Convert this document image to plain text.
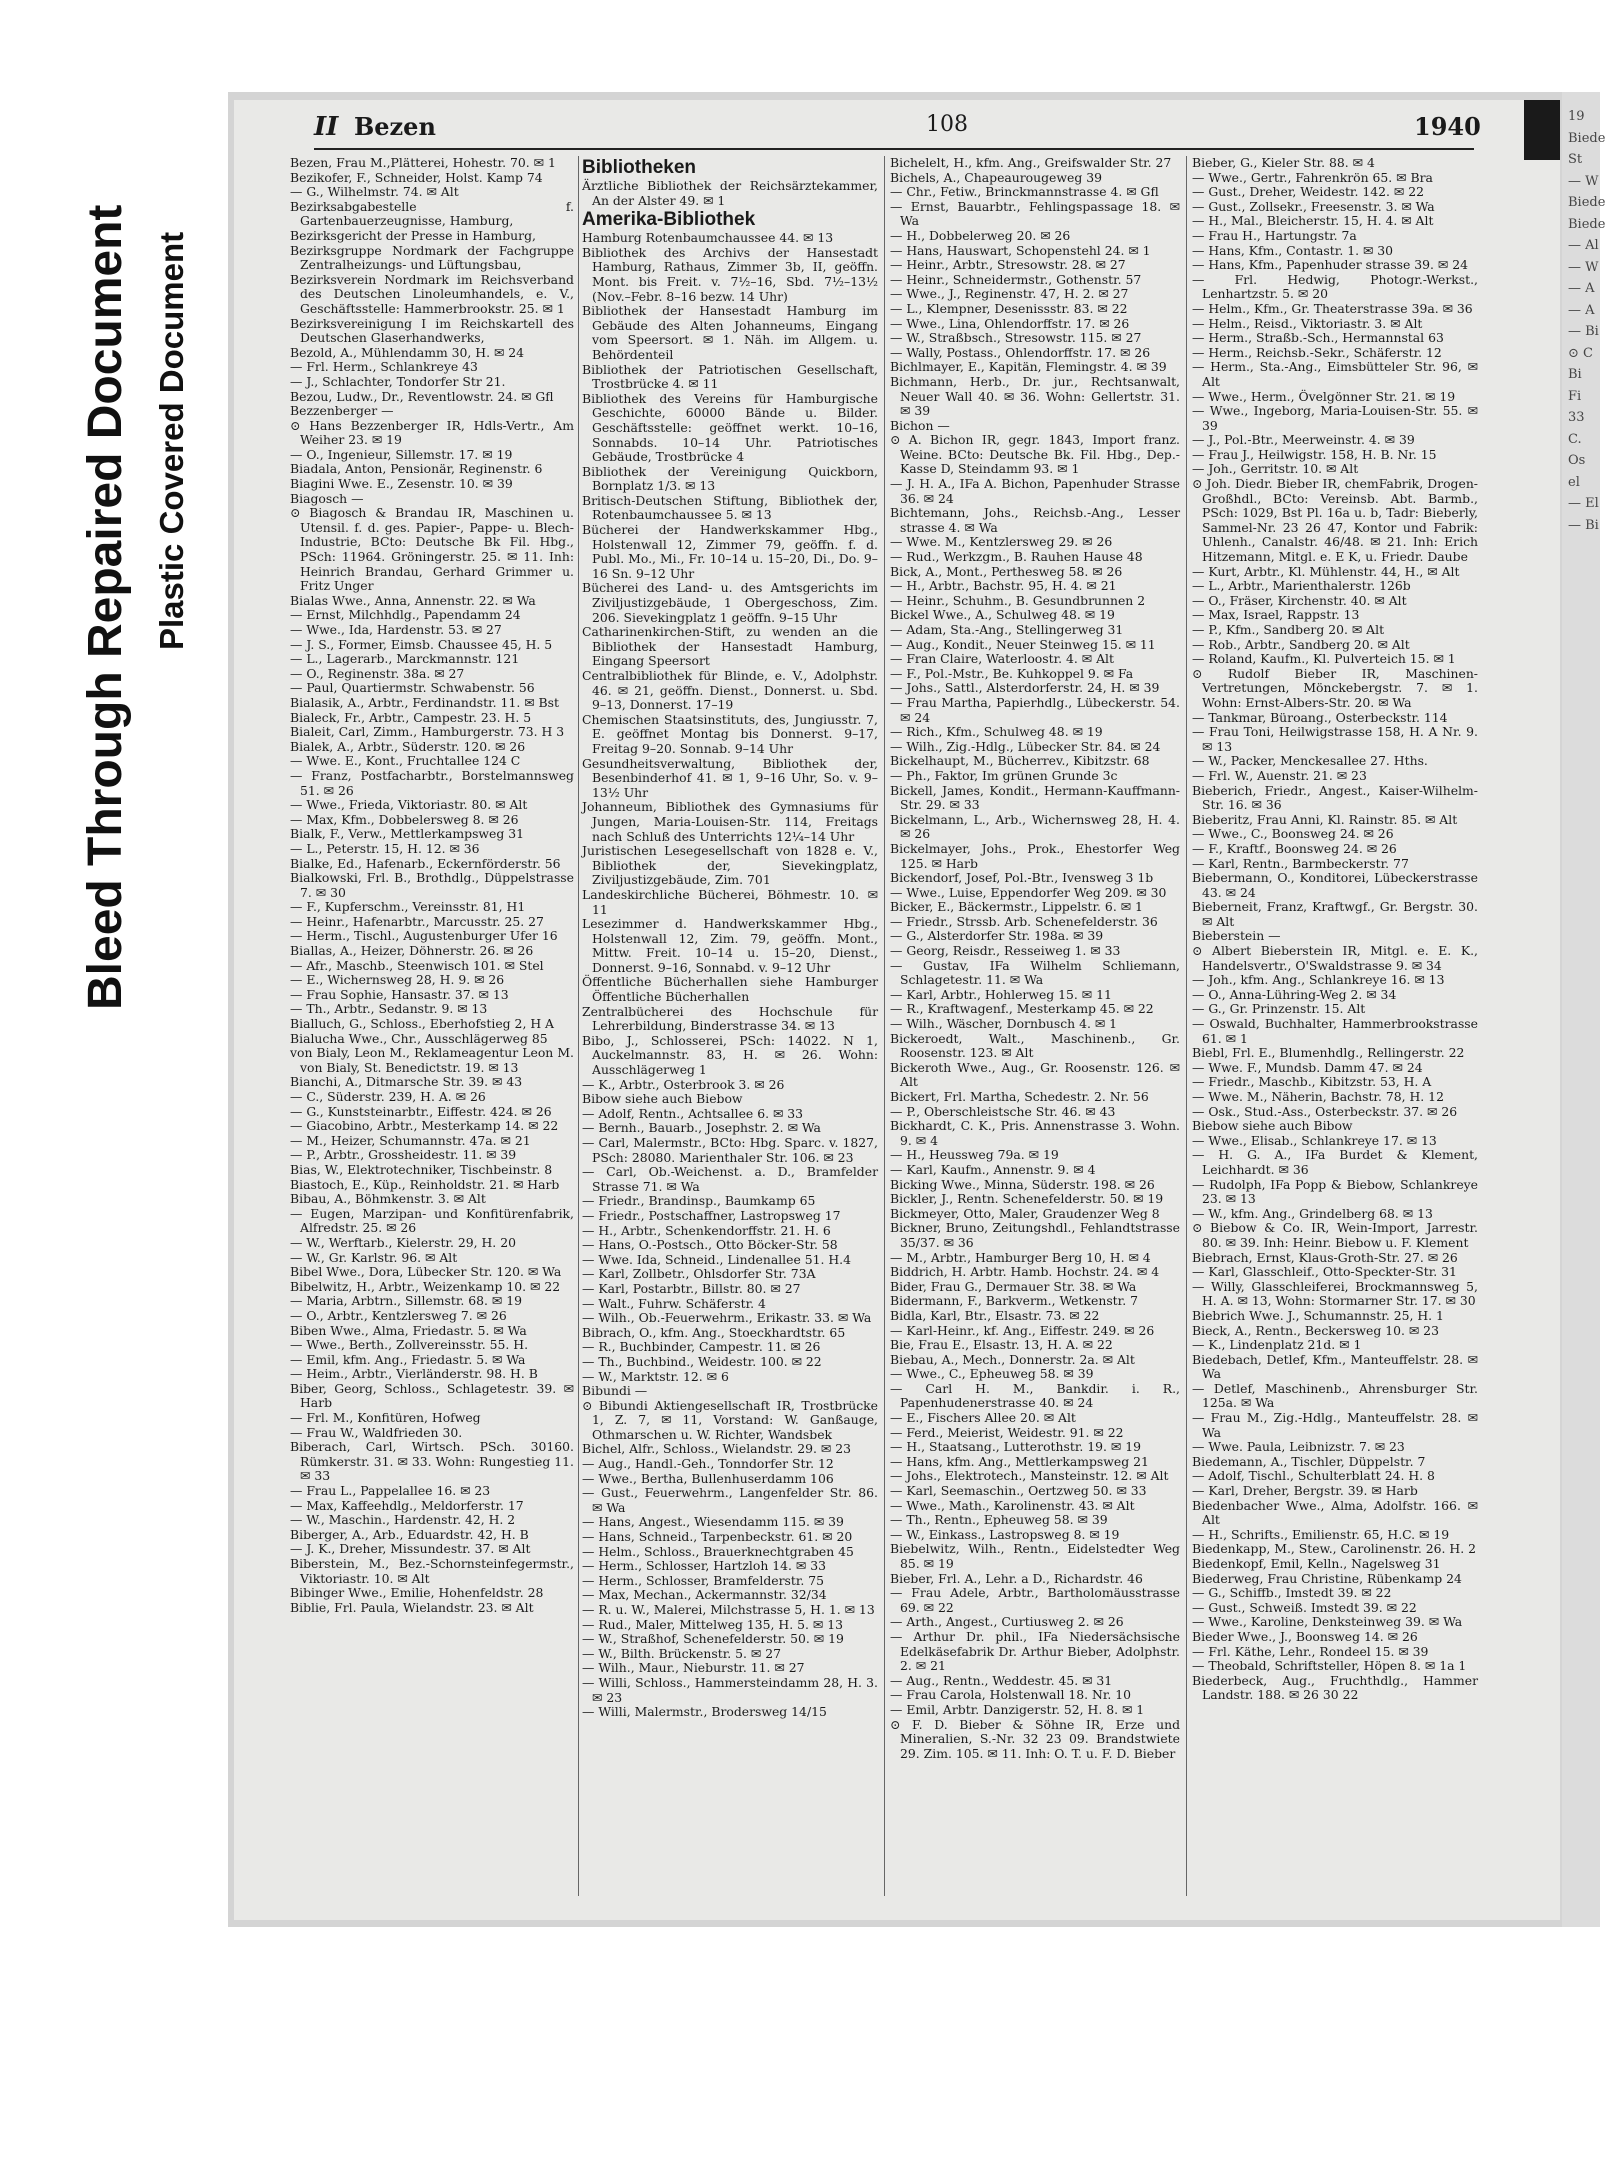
Bleed Through Repaired Document Plastic Covered Document
II Bezen	108	1940

Bezen, Frau M.,Plätterei, Hohestr. 70. ✉ 1

Bezikofer, F., Schneider, Holst. Kamp 74

— G., Wilhelmstr. 74. ✉ Alt

Bezirksabgabestelle f. Gartenbauerzeugnisse, Hamburg,

Bezirksgericht der Presse in Hamburg,

Bezirksgruppe Nordmark der Fachgruppe Zentralheizungs- und Lüftungsbau,

Bezirksverein Nordmark im Reichsverband des Deutschen Linoleumhandels, e. V., Geschäftsstelle: Hammerbrookstr. 25. ✉ 1

Bezirksvereinigung I im Reichskartell des Deutschen Glaserhandwerks,

Bezold, A., Mühlendamm 30, H. ✉ 24

— Frl. Herm., Schlankreye 43

— J., Schlachter, Tondorfer Str 21.

Bezou, Ludw., Dr., Reventlowstr. 24. ✉ Gfl

Bezzenberger —

⊙ Hans Bezzenberger IR, Hdls-Vertr., Am Weiher 23. ✉ 19

— O., Ingenieur, Sillemstr. 17. ✉ 19

Biadala, Anton, Pensionär, Reginenstr. 6

Biagini Wwe. E., Zesenstr. 10. ✉ 39

Biagosch —

⊙ Biagosch & Brandau IR, Maschinen u. Utensil. f. d. ges. Papier-, Pappe- u. Blech-Industrie, BCto: Deutsche Bk Fil. Hbg., PSch: 11964. Gröningerstr. 25. ✉ 11. Inh: Heinrich Brandau, Gerhard Grimmer u. Fritz Unger

Bialas Wwe., Anna, Annenstr. 22. ✉ Wa

— Ernst, Milchhdlg., Papendamm 24

— Wwe., Ida, Hardenstr. 53. ✉ 27

— J. S., Former, Eimsb. Chaussee 45, H. 5

— L., Lagerarb., Marckmannstr. 121

— O., Reginenstr. 38a. ✉ 27

— Paul, Quartiermstr. Schwabenstr. 56

Bialasik, A., Arbtr., Ferdinandstr. 11. ✉ Bst

Bialeck, Fr., Arbtr., Campestr. 23. H. 5

Bialeit, Carl, Zimm., Hamburgerstr. 73. H 3

Bialek, A., Arbtr., Süderstr. 120. ✉ 26

— Wwe. E., Kont., Fruchtallee 124 C

— Franz, Postfacharbtr., Borstelmannsweg 51. ✉ 26

— Wwe., Frieda, Viktoriastr. 80. ✉ Alt

— Max, Kfm., Dobbelersweg 8. ✉ 26

Bialk, F., Verw., Mettlerkampsweg 31

— L., Peterstr. 15, H. 12. ✉ 36

Bialke, Ed., Hafenarb., Eckernförderstr. 56

Bialkowski, Frl. B., Brothdlg., Düppelstrasse 7. ✉ 30

— F., Kupferschm., Vereinsstr. 81, H1

— Heinr., Hafenarbtr., Marcusstr. 25. 27

— Herm., Tischl., Augustenburger Ufer 16

Biallas, A., Heizer, Döhnerstr. 26. ✉ 26

— Afr., Maschb., Steenwisch 101. ✉ Stel

— E., Wichernsweg 28, H. 9. ✉ 26

— Frau Sophie, Hansastr. 37. ✉ 13

— Th., Arbtr., Sedanstr. 9. ✉ 13

Bialluch, G., Schloss., Eberhofstieg 2, H A

Bialucha Wwe., Chr., Ausschlägerweg 85

von Bialy, Leon M., Reklameagentur Leon M. von Bialy, St. Benedictstr. 19. ✉ 13

Bianchi, A., Ditmarsche Str. 39. ✉ 43

— C., Süderstr. 239, H. A. ✉ 26

— G., Kunststeinarbtr., Eiffestr. 424. ✉ 26

— Giacobino, Arbtr., Mesterkamp 14. ✉ 22

— M., Heizer, Schumannstr. 47a. ✉ 21

— P., Arbtr., Grossheidestr. 11. ✉ 39

Bias, W., Elektrotechniker, Tischbeinstr. 8

Biastoch, E., Küp., Reinholdstr. 21. ✉ Harb

Bibau, A., Böhmkenstr. 3. ✉ Alt

— Eugen, Marzipan- und Konfitürenfabrik, Alfredstr. 25. ✉ 26

— W., Werftarb., Kielerstr. 29, H. 20

— W., Gr. Karlstr. 96. ✉ Alt

Bibel Wwe., Dora, Lübecker Str. 120. ✉ Wa

Bibelwitz, H., Arbtr., Weizenkamp 10. ✉ 22

— Maria, Arbtrn., Sillemstr. 68. ✉ 19

— O., Arbtr., Kentzlersweg 7. ✉ 26

Biben Wwe., Alma, Friedastr. 5. ✉ Wa

— Wwe., Berth., Zollvereinsstr. 55. H.

— Emil, kfm. Ang., Friedastr. 5. ✉ Wa

— Heim., Arbtr., Vierländerstr. 98. H. B

Biber, Georg, Schloss., Schlagetestr. 39. ✉ Harb

— Frl. M., Konfitüren, Hofweg

— Frau W., Waldfrieden 30.

Biberach, Carl, Wirtsch. PSch. 30160. Rümkerstr. 31. ✉ 33. Wohn: Rungestieg 11. ✉ 33

— Frau L., Pappelallee 16. ✉ 23

— Max, Kaffeehdlg., Meldorferstr. 17

— W., Maschin., Hardenstr. 42, H. 2

Biberger, A., Arb., Eduardstr. 42, H. B

— J. K., Dreher, Missundestr. 37. ✉ Alt

Biberstein, M., Bez.-Schornsteinfegermstr., Viktoriastr. 10. ✉ Alt

Bibinger Wwe., Emilie, Hohenfeldstr. 28

Biblie, Frl. Paula, Wielandstr. 23. ✉ Alt

Bibliotheken

Ärztliche Bibliothek der Reichsärztekammer, An der Alster 49. ✉ 1

Amerika-Bibliothek

Hamburg Rotenbaumchaussee 44. ✉ 13

Bibliothek des Archivs der Hansestadt Hamburg, Rathaus, Zimmer 3b, II, geöffn. Mont. bis Freit. v. 7½–16, Sbd. 7½–13½ (Nov.–Febr. 8–16 bezw. 14 Uhr)

Bibliothek der Hansestadt Hamburg im Gebäude des Alten Johanneums, Eingang vom Speersort. ✉ 1. Näh. im Allgem. u. Behördenteil

Bibliothek der Patriotischen Gesellschaft, Trostbrücke 4. ✉ 11

Bibliothek des Vereins für Hamburgische Geschichte, 60000 Bände u. Bilder. Geschäftsstelle: geöffnet werkt. 10–16, Sonnabds. 10–14 Uhr. Patriotisches Gebäude, Trostbrücke 4

Bibliothek der Vereinigung Quickborn, Bornplatz 1/3. ✉ 13

Britisch-Deutschen Stiftung, Bibliothek der, Rotenbaumchaussee 5. ✉ 13

Bücherei der Handwerkskammer Hbg., Holstenwall 12, Zimmer 79, geöffn. f. d. Publ. Mo., Mi., Fr. 10–14 u. 15–20, Di., Do. 9–16 Sn. 9–12 Uhr

Bücherei des Land- u. des Amtsgerichts im Ziviljustizgebäude, 1 Obergeschoss, Zim. 206. Sievekingplatz 1 geöffn. 9–15 Uhr

Catharinenkirchen-Stift, zu wenden an die Bibliothek der Hansestadt Hamburg, Eingang Speersort

Centralbibliothek für Blinde, e. V., Adolphstr. 46. ✉ 21, geöffn. Dienst., Donnerst. u. Sbd. 9–13, Donnerst. 17–19

Chemischen Staatsinstituts, des, Jungiusstr. 7, E. geöffnet Montag bis Donnerst. 9–17, Freitag 9–20. Sonnab. 9–14 Uhr

Gesundheitsverwaltung, Bibliothek der, Besenbinderhof 41. ✉ 1, 9–16 Uhr, So. v. 9–13½ Uhr

Johanneum, Bibliothek des Gymnasiums für Jungen, Maria-Louisen-Str. 114, Freitags nach Schluß des Unterrichts 12¼–14 Uhr

Juristischen Lesegesellschaft von 1828 e. V., Bibliothek der, Sievekingplatz, Ziviljustizgebäude, Zim. 701

Landeskirchliche Bücherei, Böhmestr. 10. ✉ 11

Lesezimmer d. Handwerkskammer Hbg., Holstenwall 12, Zim. 79, geöffn. Mont., Mittw. Freit. 10–14 u. 15–20, Dienst., Donnerst. 9–16, Sonnabd. v. 9–12 Uhr

Öffentliche Bücherhallen siehe Hamburger Öffentliche Bücherhallen

Zentralbücherei des Hochschule für Lehrerbildung, Binderstrasse 34. ✉ 13

Bibo, J., Schlosserei, PSch: 14022. N 1, Auckelmannstr. 83, H. ✉ 26. Wohn: Ausschlägerweg 1

— K., Arbtr., Osterbrook 3. ✉ 26

Bibow siehe auch Biebow

— Adolf, Rentn., Achtsallee 6. ✉ 33

— Bernh., Bauarb., Josephstr. 2. ✉ Wa

— Carl, Malermstr., BCto: Hbg. Sparc. v. 1827, PSch: 28080. Marienthaler Str. 106. ✉ 23

— Carl, Ob.-Weichenst. a. D., Bramfelder Strasse 71. ✉ Wa

— Friedr., Brandinsp., Baumkamp 65

— Friedr., Postschaffner, Lastropsweg 17

— H., Arbtr., Schenkendorffstr. 21. H. 6

— Hans, O.-Postsch., Otto Böcker-Str. 58

— Wwe. Ida, Schneid., Lindenallee 51. H.4

— Karl, Zollbetr., Ohlsdorfer Str. 73A

— Karl, Postarbtr., Billstr. 80. ✉ 27

— Walt., Fuhrw. Schäferstr. 4

— Wilh., Ob.-Feuerwehrm., Erikastr. 33. ✉ Wa

Bibrach, O., kfm. Ang., Stoeckhardtstr. 65

— R., Buchbinder, Campestr. 11. ✉ 26

— Th., Buchbind., Weidestr. 100. ✉ 22

— W., Marktstr. 12. ✉ 6

Bibundi —

⊙ Bibundi Aktiengesellschaft IR, Trostbrücke 1, Z. 7, ✉ 11, Vorstand: W. Ganßauge, Othmarschen u. W. Richter, Wandsbek

Bichel, Alfr., Schloss., Wielandstr. 29. ✉ 23

— Aug., Handl.-Geh., Tonndorfer Str. 12

— Wwe., Bertha, Bullenhuserdamm 106

— Gust., Feuerwehrm., Langenfelder Str. 86. ✉ Wa

— Hans, Angest., Wiesendamm 115. ✉ 39

— Hans, Schneid., Tarpenbeckstr. 61. ✉ 20

— Helm., Schloss., Brauerknechtgraben 45

— Herm., Schlosser, Hartzloh 14. ✉ 33

— Herm., Schlosser, Bramfelderstr. 75

— Max, Mechan., Ackermannstr. 32/34

— R. u. W., Malerei, Milchstrasse 5, H. 1. ✉ 13

— Rud., Maler, Mittelweg 135, H. 5. ✉ 13

— W., Straßhof, Schenefelderstr. 50. ✉ 19

— W., Bilth. Brückenstr. 5. ✉ 27

— Wilh., Maur., Nieburstr. 11. ✉ 27

— Willi, Schloss., Hammersteindamm 28, H. 3. ✉ 23

— Willi, Malermstr., Brodersweg 14/15

Bichelelt, H., kfm. Ang., Greifswalder Str. 27

Bichels, A., Chapeaurougeweg 39

— Chr., Fetiw., Brinckmannstrasse 4. ✉ Gfl

— Ernst, Bauarbtr., Fehlingspassage 18. ✉ Wa

— H., Dobbelerweg 20. ✉ 26

— Hans, Hauswart, Schopenstehl 24. ✉ 1

— Heinr., Arbtr., Stresowstr. 28. ✉ 27

— Heinr., Schneidermstr., Gothenstr. 57

— Wwe., J., Reginenstr. 47, H. 2. ✉ 27

— L., Klempner, Desenissstr. 83. ✉ 22

— Wwe., Lina, Ohlendorffstr. 17. ✉ 26

— W., Straßbsch., Stresowstr. 115. ✉ 27

— Wally, Postass., Ohlendorffstr. 17. ✉ 26

Bichlmayer, E., Kapitän, Flemingstr. 4. ✉ 39

Bichmann, Herb., Dr. jur., Rechtsanwalt, Neuer Wall 40. ✉ 36. Wohn: Gellertstr. 31. ✉ 39

Bichon —

⊙ A. Bichon IR, gegr. 1843, Import franz. Weine. BCto: Deutsche Bk. Fil. Hbg., Dep.-Kasse D, Steindamm 93. ✉ 1

— J. H. A., IFa A. Bichon, Papenhuder Strasse 36. ✉ 24

Bichtemann, Johs., Reichsb.-Ang., Lesser strasse 4. ✉ Wa

— Wwe. M., Kentzlersweg 29. ✉ 26

— Rud., Werkzgm., B. Rauhen Hause 48

Bick, A., Mont., Perthesweg 58. ✉ 26

— H., Arbtr., Bachstr. 95, H. 4. ✉ 21

— Heinr., Schuhm., B. Gesundbrunnen 2

Bickel Wwe., A., Schulweg 48. ✉ 19

— Adam, Sta.-Ang., Stellingerweg 31

— Aug., Kondit., Neuer Steinweg 15. ✉ 11

— Fran Claire, Waterloostr. 4. ✉ Alt

— F., Pol.-Mstr., Be. Kuhkoppel 9. ✉ Fa

— Johs., Sattl., Alsterdorferstr. 24, H. ✉ 39

— Frau Martha, Papierhdlg., Lübeckerstr. 54. ✉ 24

— Rich., Kfm., Schulweg 48. ✉ 19

— Wilh., Zig.-Hdlg., Lübecker Str. 84. ✉ 24

Bickelhaupt, M., Bücherrev., Kibitzstr. 68

— Ph., Faktor, Im grünen Grunde 3c

Bickell, James, Kondit., Hermann-Kauffmann-Str. 29. ✉ 33

Bickelmann, L., Arb., Wichernsweg 28, H. 4. ✉ 26

Bickelmayer, Johs., Prok., Ehestorfer Weg 125. ✉ Harb

Bickendorf, Josef, Pol.-Btr., Ivensweg 3 1b

— Wwe., Luise, Eppendorfer Weg 209. ✉ 30

Bicker, E., Bäckermstr., Lippelstr. 6. ✉ 1

— Friedr., Strssb. Arb. Schenefelderstr. 36

— G., Alsterdorfer Str. 198a. ✉ 39

— Georg, Reisdr., Resseiweg 1. ✉ 33

— Gustav, IFa Wilhelm Schliemann, Schlagetestr. 11. ✉ Wa

— Karl, Arbtr., Hohlerweg 15. ✉ 11

— R., Kraftwagenf., Mesterkamp 45. ✉ 22

— Wilh., Wäscher, Dornbusch 4. ✉ 1

Bickeroedt, Walt., Maschinenb., Gr. Roosenstr. 123. ✉ Alt

Bickeroth Wwe., Aug., Gr. Roosenstr. 126. ✉ Alt

Bickert, Frl. Martha, Schedestr. 2. Nr. 56

— P., Oberschleistsche Str. 46. ✉ 43

Bickhardt, C. K., Pris. Annenstrasse 3. Wohn. 9. ✉ 4

— H., Heussweg 79a. ✉ 19

— Karl, Kaufm., Annenstr. 9. ✉ 4

Bicking Wwe., Minna, Süderstr. 198. ✉ 26

Bickler, J., Rentn. Schenefelderstr. 50. ✉ 19

Bickmeyer, Otto, Maler, Graudenzer Weg 8

Bickner, Bruno, Zeitungshdl., Fehlandtstrasse 35/37. ✉ 36

— M., Arbtr., Hamburger Berg 10, H. ✉ 4

Biddrich, H. Arbtr. Hamb. Hochstr. 24. ✉ 4

Bider, Frau G., Dermauer Str. 38. ✉ Wa

Bidermann, F., Barkverm., Wetkenstr. 7

Bidla, Karl, Btr., Elsastr. 73. ✉ 22

— Karl-Heinr., kf. Ang., Eiffestr. 249. ✉ 26

Bie, Frau E., Elsastr. 13, H. A. ✉ 22

Biebau, A., Mech., Donnerstr. 2a. ✉ Alt

— Wwe., C., Epheuweg 58. ✉ 39

— Carl H. M., Bankdir. i. R., Papenhudenerstrasse 40. ✉ 24

— E., Fischers Allee 20. ✉ Alt

— Ferd., Meierist, Weidestr. 91. ✉ 22

— H., Staatsang., Lutterothstr. 19. ✉ 19

— Hans, kfm. Ang., Mettlerkampsweg 21

— Johs., Elektrotech., Mansteinstr. 12. ✉ Alt

— Karl, Seemaschin., Oertzweg 50. ✉ 33

— Wwe., Math., Karolinenstr. 43. ✉ Alt

— Th., Rentn., Epheuweg 58. ✉ 39

— W., Einkass., Lastropsweg 8. ✉ 19

Biebelwitz, Wilh., Rentn., Eidelstedter Weg 85. ✉ 19

Bieber, Frl. A., Lehr. a D., Richardstr. 46

— Frau Adele, Arbtr., Bartholomäusstrasse 69. ✉ 22

— Arth., Angest., Curtiusweg 2. ✉ 26

— Arthur Dr. phil., IFa Niedersächsische Edelkäsefabrik Dr. Arthur Bieber, Adolphstr. 2. ✉ 21

— Aug., Rentn., Weddestr. 45. ✉ 31

— Frau Carola, Holstenwall 18. Nr. 10

— Emil, Arbtr. Danzigerstr. 52, H. 8. ✉ 1

⊙ F. D. Bieber & Söhne IR, Erze und Mineralien, S.-Nr. 32 23 09. Brandstwiete 29. Zim. 105. ✉ 11. Inh: O. T. u. F. D. Bieber

Bieber, G., Kieler Str. 88. ✉ 4

— Wwe., Gertr., Fahrenkrön 65. ✉ Bra

— Gust., Dreher, Weidestr. 142. ✉ 22

— Gust., Zollsekr., Freesenstr. 3. ✉ Wa

— H., Mal., Bleicherstr. 15, H. 4. ✉ Alt

— Frau H., Hartungstr. 7a

— Hans, Kfm., Contastr. 1. ✉ 30

— Hans, Kfm., Papenhuder strasse 39. ✉ 24

— Frl. Hedwig, Photogr.-Werkst., Lenhartzstr. 5. ✉ 20

— Helm., Kfm., Gr. Theaterstrasse 39a. ✉ 36

— Helm., Reisd., Viktoriastr. 3. ✉ Alt

— Herm., Straßb.-Sch., Hermannstal 63

— Herm., Reichsb.-Sekr., Schäferstr. 12

— Herm., Sta.-Ang., Eimsbütteler Str. 96, ✉ Alt

— Wwe., Herm., Övelgönner Str. 21. ✉ 19

— Wwe., Ingeborg, Maria-Louisen-Str. 55. ✉ 39

— J., Pol.-Btr., Meerweinstr. 4. ✉ 39

— Frau J., Heilwigstr. 158, H. B. Nr. 15

— Joh., Gerritstr. 10. ✉ Alt

⊙ Joh. Diedr. Bieber IR, chemFabrik, Drogen-Großhdl., BCto: Vereinsb. Abt. Barmb., PSch: 1029, Bst Pl. 16a u. b, Tadr: Bieberly, Sammel-Nr. 23 26 47, Kontor und Fabrik: Uhlenh., Canalstr. 46/48. ✉ 21. Inh: Erich Hitzemann, Mitgl. e. E K, u. Friedr. Daube

— Kurt, Arbtr., Kl. Mühlenstr. 44, H., ✉ Alt

— L., Arbtr., Marienthalerstr. 126b

— O., Fräser, Kirchenstr. 40. ✉ Alt

— Max, Israel, Rappstr. 13

— P., Kfm., Sandberg 20. ✉ Alt

— Rob., Arbtr., Sandberg 20. ✉ Alt

— Roland, Kaufm., Kl. Pulverteich 15. ✉ 1

⊙ Rudolf Bieber IR, Maschinen-Vertretungen, Mönckebergstr. 7. ✉ 1. Wohn: Ernst-Albers-Str. 20. ✉ Wa

— Tankmar, Büroang., Osterbeckstr. 114

— Frau Toni, Heilwigstrasse 158, H. A Nr. 9. ✉ 13

— W., Packer, Menckesallee 27. Hths.

— Frl. W., Auenstr. 21. ✉ 23

Bieberich, Friedr., Angest., Kaiser-Wilhelm-Str. 16. ✉ 36

Bieberitz, Frau Anni, Kl. Rainstr. 85. ✉ Alt

— Wwe., C., Boonsweg 24. ✉ 26

— F., Kraftf., Boonsweg 24. ✉ 26

— Karl, Rentn., Barmbeckerstr. 77

Biebermann, O., Konditorei, Lübeckerstrasse 43. ✉ 24

Bieberneit, Franz, Kraftwgf., Gr. Bergstr. 30. ✉ Alt

Bieberstein —

⊙ Albert Bieberstein IR, Mitgl. e. E. K., Handelsvertr., O'Swaldstrasse 9. ✉ 34

— Joh., kfm. Ang., Schlankreye 16. ✉ 13

— O., Anna-Lühring-Weg 2. ✉ 34

— G., Gr. Prinzenstr. 15. Alt

— Oswald, Buchhalter, Hammerbrookstrasse 61. ✉ 1

Biebl, Frl. E., Blumenhdlg., Rellingerstr. 22

— Wwe. F., Mundsb. Damm 47. ✉ 24

— Friedr., Maschb., Kibitzstr. 53, H. A

— Wwe. M., Näherin, Bachstr. 78, H. 12

— Osk., Stud.-Ass., Osterbeckstr. 37. ✉ 26

Biebow siehe auch Bibow

— Wwe., Elisab., Schlankreye 17. ✉ 13

— H. G. A., IFa Burdet & Klement, Leichhardt. ✉ 36

— Rudolph, IFa Popp & Biebow, Schlankreye 23. ✉ 13

— W., kfm. Ang., Grindelberg 68. ✉ 13

⊙ Biebow & Co. IR, Wein-Import, Jarrestr. 80. ✉ 39. Inh: Heinr. Biebow u. F. Klement

Biebrach, Ernst, Klaus-Groth-Str. 27. ✉ 26

— Karl, Glasschleif., Otto-Speckter-Str. 31

— Willy, Glasschleiferei, Brockmannsweg 5, H. A. ✉ 13, Wohn: Stormarner Str. 17. ✉ 30

Biebrich Wwe. J., Schumannstr. 25, H. 1

Bieck, A., Rentn., Beckersweg 10. ✉ 23

— K., Lindenplatz 21d. ✉ 1

Biedebach, Detlef, Kfm., Manteuffelstr. 28. ✉ Wa

— Detlef, Maschinenb., Ahrensburger Str. 125a. ✉ Wa

— Frau M., Zig.-Hdlg., Manteuffelstr. 28. ✉ Wa

— Wwe. Paula, Leibnizstr. 7. ✉ 23

Biedemann, A., Tischler, Düppelstr. 7

— Adolf, Tischl., Schulterblatt 24. H. 8

— Karl, Dreher, Bergstr. 39. ✉ Harb

Biedenbacher Wwe., Alma, Adolfstr. 166. ✉ Alt

— H., Schrifts., Emilienstr. 65, H.C. ✉ 19

Biedenkapp, M., Stew., Carolinenstr. 26. H. 2

Biedenkopf, Emil, Kelln., Nagelsweg 31

Biederweg, Frau Christine, Rübenkamp 24

— G., Schiffb., Imstedt 39. ✉ 22

— Gust., Schweiß. Imstedt 39. ✉ 22

— Wwe., Karoline, Denksteinweg 39. ✉ Wa

Bieder Wwe., J., Boonsweg 14. ✉ 26

— Frl. Käthe, Lehr., Rondeel 15. ✉ 39

— Theobald, Schriftsteller, Höpen 8. ✉ 1a 1

Biederbeck, Aug., Fruchthdlg., Hammer Landstr. 188. ✉ 26 30 22

19
Biede
St
— W
Biede
Biede
— Al
— W
— A
— A
— Bi
⊙ C
Bi
Fi
33
C.
Os
el
— El
— Bi
